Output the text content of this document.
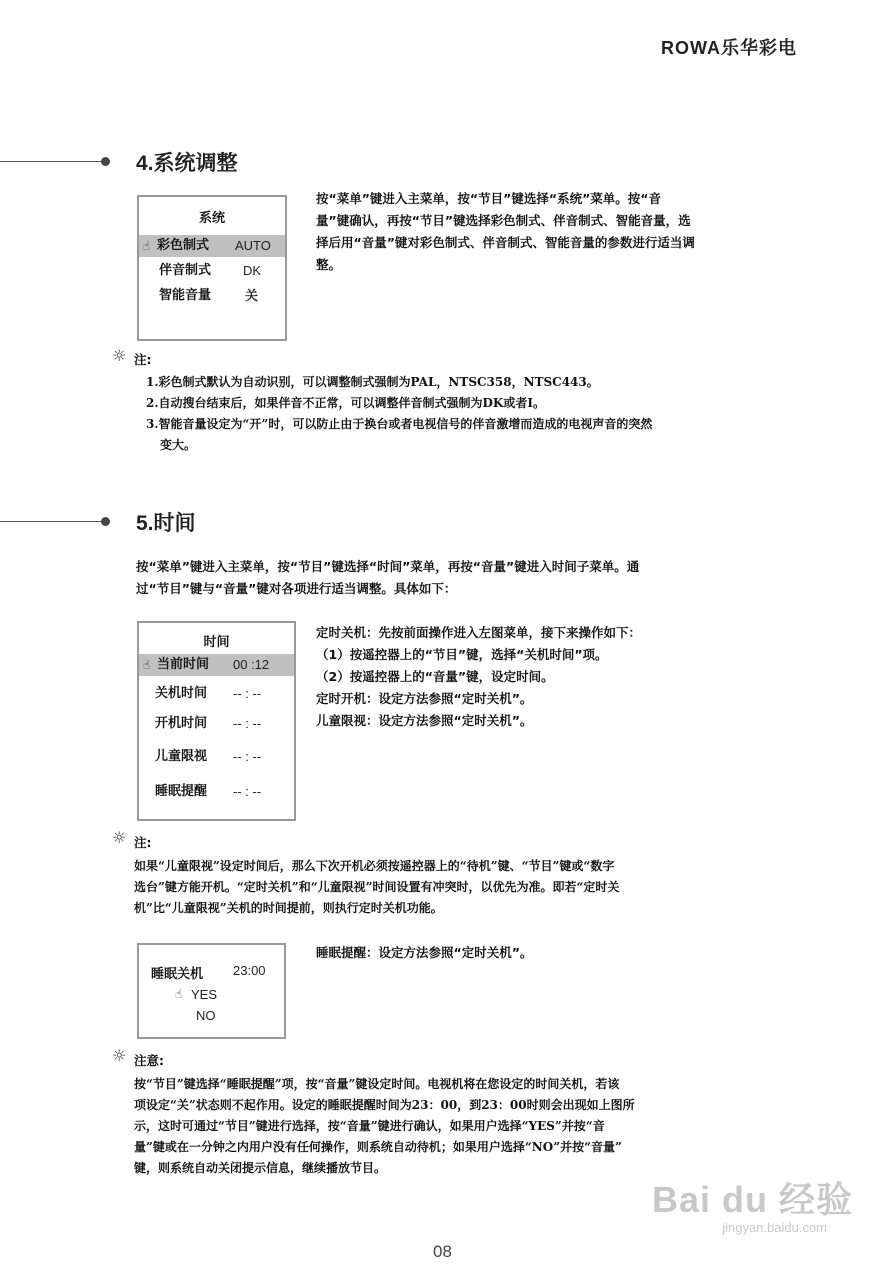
ROWA乐华彩电
4.系统调整
系统
☝ 彩色制式 AUTO
伴音制式 DK
智能音量	关
按“菜单”键进入主菜单，按“节目”键选择“系统”菜单。按“音
量”键确认，再按“节目”键选择彩色制式、伴音制式、智能音量，选
择后用“音量”键对彩色制式、伴音制式、智能音量的参数进行适当调
整。
☼ 注:
1.彩色制式默认为自动识别，可以调整制式强制为PAL，NTSC358，NTSC443。
2.自动搜台结束后，如果伴音不正常，可以调整伴音制式强制为DK或者I。
3.智能音量设定为“开”时，可以防止由于换台或者电视信号的伴音激增而造成的电视声音的突然
变大。
5.时间
按“菜单”键进入主菜单，按“节目”键选择“时间”菜单，再按“音量”键进入时间子菜单。通
过“节目”键与“音量”键对各项进行适当调整。具体如下：
时间
☝ 当前时间 00 :12
关机时间 -- : --
开机时间 -- : --
儿童限视 -- : --
睡眠提醒 -- : --
定时关机：先按前面操作进入左图菜单，接下来操作如下：
（1）按遥控器上的“节目”键，选择“关机时间”项。
（2）按遥控器上的“音量”键，设定时间。
定时开机：设定方法参照“定时关机”。
儿童限视：设定方法参照“定时关机”。
☼ 注:
如果“儿童限视”设定时间后，那么下次开机必须按遥控器上的“待机”键、“节目”键或“数字
选台”键方能开机。“定时关机”和“儿童限视”时间设置有冲突时，以优先为准。即若“定时关
机”比“儿童限视”关机的时间提前，则执行定时关机功能。
睡眠关机 23:00
☝ YES
NO
睡眠提醒：设定方法参照“定时关机”。
☼ 注意:
按“节目”键选择“睡眠提醒”项，按“音量”键设定时间。电视机将在您设定的时间关机，若该
项设定“关”状态则不起作用。设定的睡眠提醒时间为23：00，到23：00时则会出现如上图所
示，这时可通过“节目”键进行选择，按“音量”键进行确认，如果用户选择“YES”并按“音
量”键或在一分钟之内用户没有任何操作，则系统自动待机；如果用户选择“NO”并按“音量”
键，则系统自动关闭提示信息，继续播放节目。
Bai du 经验
jingyan.baidu.com
08
